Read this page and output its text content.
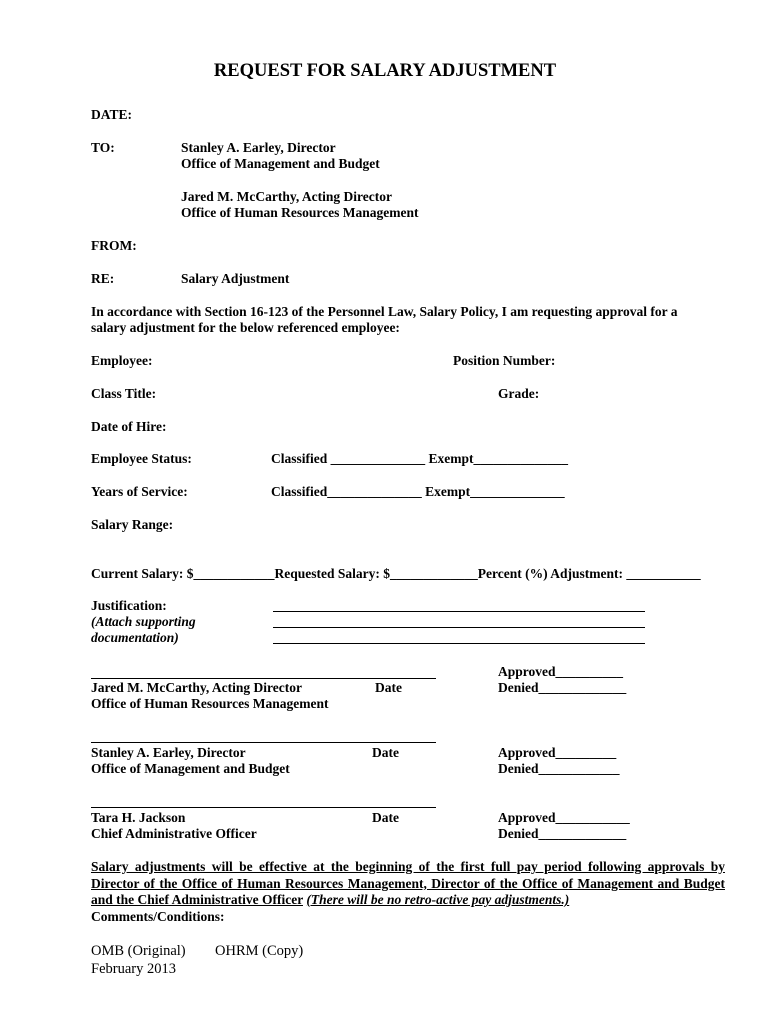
REQUEST FOR SALARY ADJUSTMENT
DATE:
TO:	Stanley A. Earley, Director
Office of Management and Budget
Jared M. McCarthy, Acting Director
Office of Human Resources Management
FROM:
RE:	Salary Adjustment
In accordance with Section 16-123 of the Personnel Law, Salary Policy, I am requesting approval for a
salary adjustment for the below referenced employee:
Employee:	Position Number:
Class Title:	Grade:
Date of Hire:
Employee Status:	Classified ______________ Exempt______________
Years of Service:	Classified______________ Exempt______________
Salary Range:
Current Salary: $____________Requested Salary: $_____________Percent (%) Adjustment: ___________
Justification:
(Attach supporting
documentation)
Approved__________
Jared M. McCarthy, Acting Director	Date	Denied_____________
Office of Human Resources Management
Stanley A. Earley, Director	Date	Approved_________
Office of Management and Budget	Denied____________
Tara H. Jackson	Date	Approved___________
Chief Administrative Officer	Denied_____________
Salary adjustments will be effective at the beginning of the first full pay period following approvals by Director of the Office of Human Resources Management, Director of the Office of Management and Budget and the Chief Administrative Officer (There will be no retro-active pay adjustments.)
Comments/Conditions:
OMB (Original) OHRM (Copy)
February 2013
